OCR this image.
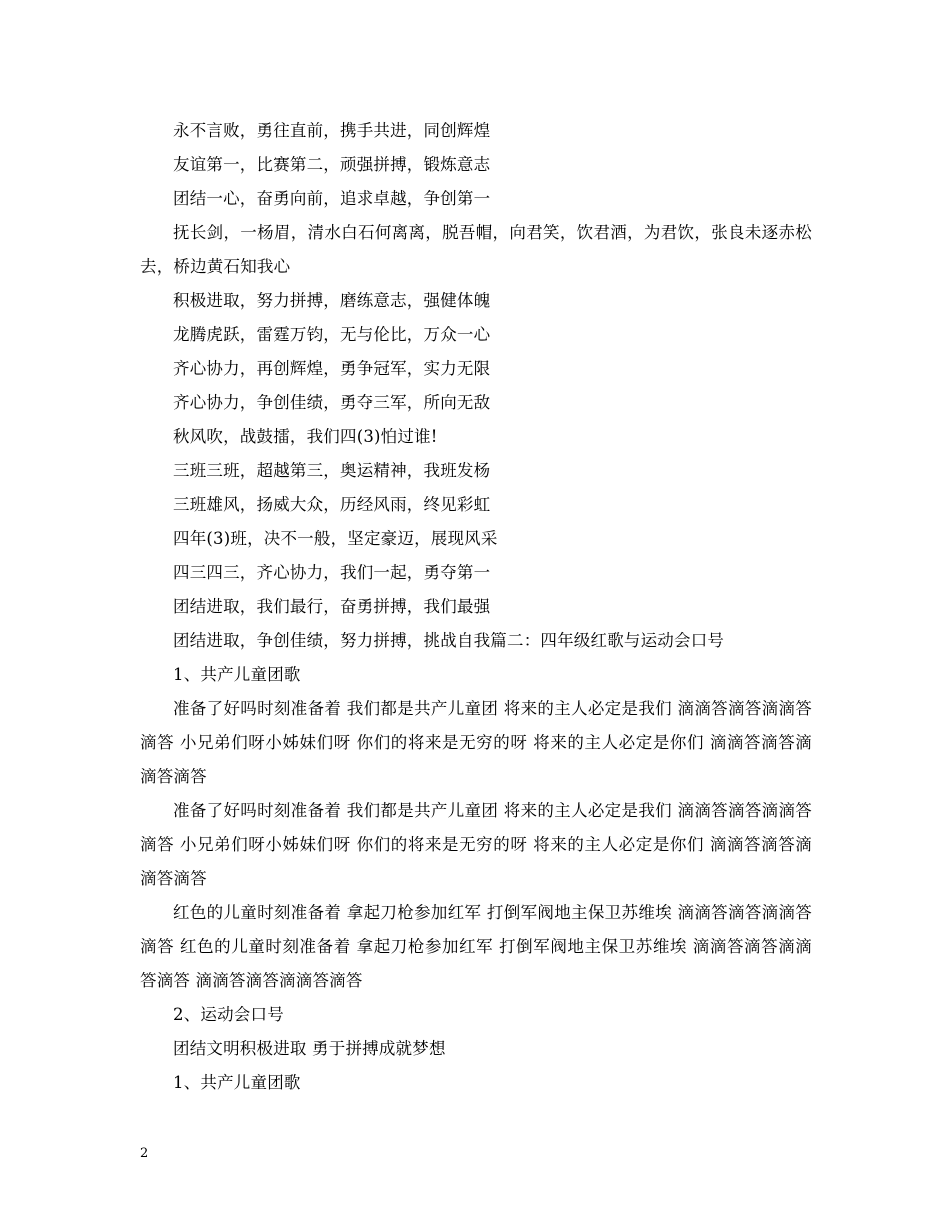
永不言败，勇往直前，携手共进，同创辉煌

友谊第一，比赛第二，顽强拼搏，锻炼意志

团结一心，奋勇向前，追求卓越，争创第一

抚长剑，一杨眉，清水白石何离离，脱吾帽，向君笑，饮君酒，为君饮，张良未逐赤松去，桥边黄石知我心

积极进取，努力拼搏，磨练意志，强健体魄

龙腾虎跃，雷霆万钧，无与伦比，万众一心

齐心协力，再创辉煌，勇争冠军，实力无限

齐心协力，争创佳绩，勇夺三军，所向无敌

秋风吹，战鼓擂，我们四(3)怕过谁!

三班三班，超越第三，奥运精神，我班发杨

三班雄风，扬威大众，历经风雨，终见彩虹

四年(3)班，决不一般，坚定豪迈，展现风采

四三四三，齐心协力，我们一起，勇夺第一

团结进取，我们最行，奋勇拼搏，我们最强

团结进取，争创佳绩，努力拼搏，挑战自我篇二：四年级红歌与运动会口号

1、共产儿童团歌

准备了好吗时刻准备着 我们都是共产儿童团 将来的主人必定是我们 滴滴答滴答滴滴答滴答 小兄弟们呀小姊妹们呀 你们的将来是无穷的呀 将来的主人必定是你们 滴滴答滴答滴滴答滴答

准备了好吗时刻准备着 我们都是共产儿童团 将来的主人必定是我们 滴滴答滴答滴滴答滴答 小兄弟们呀小姊妹们呀 你们的将来是无穷的呀 将来的主人必定是你们 滴滴答滴答滴滴答滴答

红色的儿童时刻准备着 拿起刀枪参加红军 打倒军阀地主保卫苏维埃 滴滴答滴答滴滴答滴答 红色的儿童时刻准备着 拿起刀枪参加红军 打倒军阀地主保卫苏维埃 滴滴答滴答滴滴答滴答 滴滴答滴答滴滴答滴答

2、运动会口号

团结文明积极进取 勇于拼搏成就梦想

1、共产儿童团歌

2
